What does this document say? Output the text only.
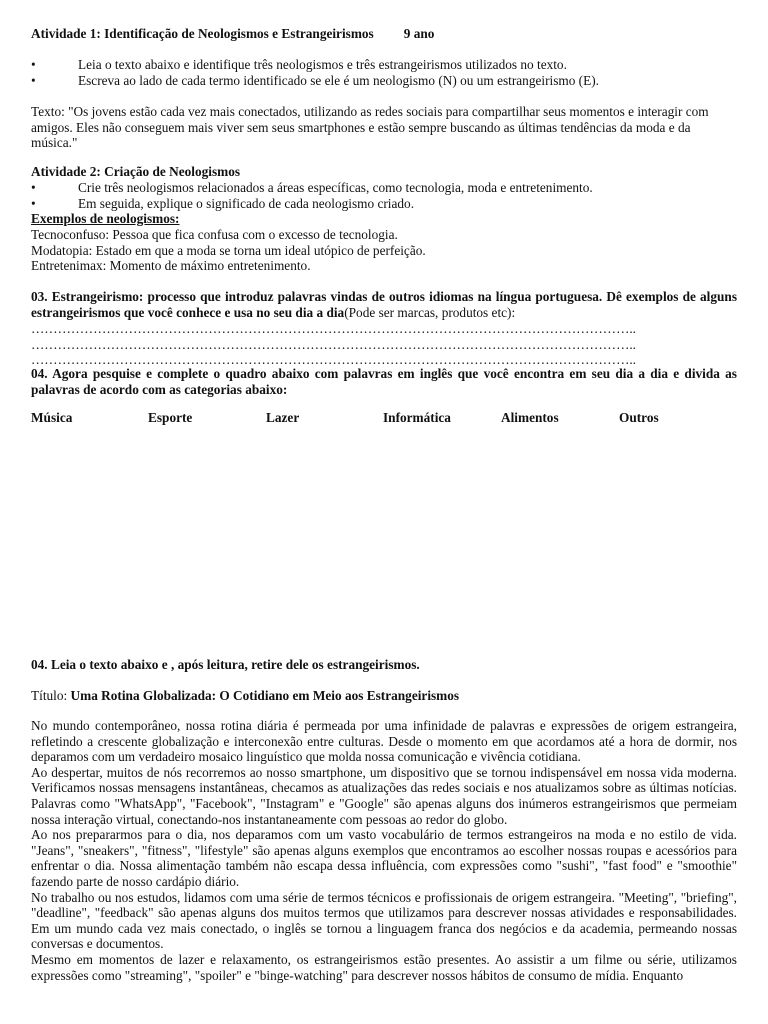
Atividade 1: Identificação de Neologismos e Estrangeirismos 9 ano
•	Leia o texto abaixo e identifique três neologismos e três estrangeirismos utilizados no texto.
•	Escreva ao lado de cada termo identificado se ele é um neologismo (N) ou um estrangeirismo (E).

Texto: "Os jovens estão cada vez mais conectados, utilizando as redes sociais para compartilhar seus momentos e interagir com amigos. Eles não conseguem mais viver sem seus smartphones e estão sempre buscando as últimas tendências da moda e da música."

Atividade 2: Criação de Neologismos
•	Crie três neologismos relacionados a áreas específicas, como tecnologia, moda e entretenimento.
•	Em seguida, explique o significado de cada neologismo criado.
Exemplos de neologismos:

Tecnoconfuso: Pessoa que fica confusa com o excesso de tecnologia.

Modatopia: Estado em que a moda se torna um ideal utópico de perfeição.

Entretenimax: Momento de máximo entretenimento.

03. Estrangeirismo: processo que introduz palavras vindas de outros idiomas na língua portuguesa. Dê exemplos de alguns estrangeirismos que você conhece e usa no seu dia a dia(Pode ser marcas, produtos etc):

………………………………………………………………………………………………………………………..
………………………………………………………………………………………………………………………..
………………………………………………………………………………………………………………………..

04. Agora pesquise e complete o quadro abaixo com palavras em inglês que você encontra em seu dia a dia e divida as palavras de acordo com as categorias abaixo:

Música	Esporte	Lazer	Informática	Alimentos	Outros

04. Leia o texto abaixo e , após leitura, retire dele os estrangeirismos.

Título: Uma Rotina Globalizada: O Cotidiano em Meio aos Estrangeirismos

No mundo contemporâneo, nossa rotina diária é permeada por uma infinidade de palavras e expressões de origem estrangeira, refletindo a crescente globalização e interconexão entre culturas. Desde o momento em que acordamos até a hora de dormir, nos deparamos com um verdadeiro mosaico linguístico que molda nossa comunicação e vivência cotidiana.

Ao despertar, muitos de nós recorremos ao nosso smartphone, um dispositivo que se tornou indispensável em nossa vida moderna. Verificamos nossas mensagens instantâneas, checamos as atualizações das redes sociais e nos atualizamos sobre as últimas notícias. Palavras como "WhatsApp", "Facebook", "Instagram" e "Google" são apenas alguns dos inúmeros estrangeirismos que permeiam nossa interação virtual, conectando-nos instantaneamente com pessoas ao redor do globo.

Ao nos prepararmos para o dia, nos deparamos com um vasto vocabulário de termos estrangeiros na moda e no estilo de vida. "Jeans", "sneakers", "fitness", "lifestyle" são apenas alguns exemplos que encontramos ao escolher nossas roupas e acessórios para enfrentar o dia. Nossa alimentação também não escapa dessa influência, com expressões como "sushi", "fast food" e "smoothie" fazendo parte de nosso cardápio diário.

No trabalho ou nos estudos, lidamos com uma série de termos técnicos e profissionais de origem estrangeira. "Meeting", "briefing", "deadline", "feedback" são apenas alguns dos muitos termos que utilizamos para descrever nossas atividades e responsabilidades. Em um mundo cada vez mais conectado, o inglês se tornou a linguagem franca dos negócios e da academia, permeando nossas conversas e documentos.

Mesmo em momentos de lazer e relaxamento, os estrangeirismos estão presentes. Ao assistir a um filme ou série, utilizamos expressões como "streaming", "spoiler" e "binge-watching" para descrever nossos hábitos de consumo de mídia. Enquanto
